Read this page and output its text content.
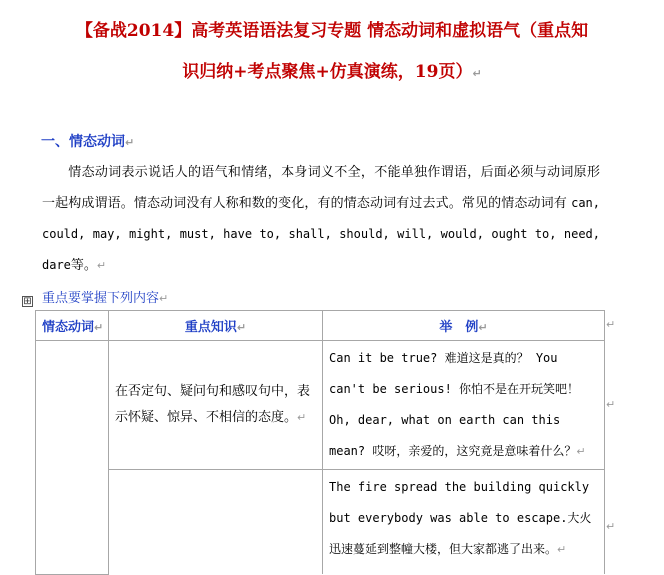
【备战2014】高考英语语法复习专题 情态动词和虚拟语气（重点知
识归纳+考点聚焦+仿真演练，19页）↵
一、情态动词↵
情态动词表示说话人的语气和情绪，本身词义不全，不能单独作谓语，后面必须与动词原形一起构成谓语。情态动词没有人称和数的变化，有的情态动词有过去式。常见的情态动词有 can, could, may, might, must, have to, shall, should, will, would, ought to, need, dare等。↵
重点要掌握下列内容↵
⊞
情态动词↵	重点知识↵	举　例↵
	在否定句、疑问句和感叹句中，表示怀疑、惊异、不相信的态度。↵	Can it be true? 难道这是真的？ You can't be serious! 你怕不是在开玩笑吧！ Oh, dear, what on earth can this mean? 哎呀，亲爱的，这究竟是意味着什么？↵
		The fire spread the building quickly but everybody was able to escape.大火迅速蔓延到整幢大楼，但大家都逃了出来。↵
↵
↵
↵
